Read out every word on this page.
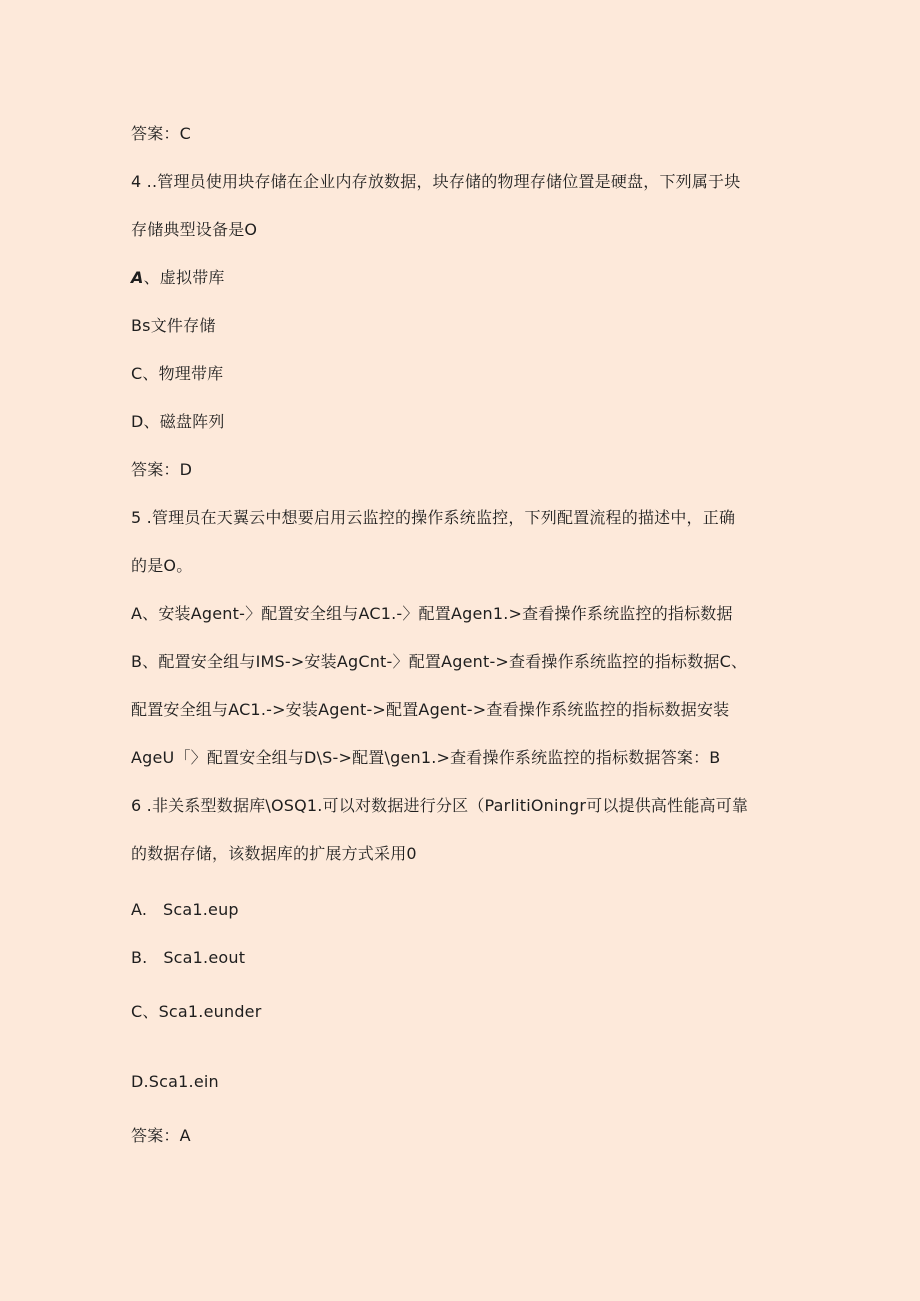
答案：C
4 ..管理员使用块存储在企业内存放数据，块存储的物理存储位置是硬盘，下列属于块
存储典型设备是O
A、虚拟带库
Bs文件存储
C、物理带库
D、磁盘阵列
答案：D
5 .管理员在天翼云中想要启用云监控的操作系统监控，下列配置流程的描述中，正确
的是O。
A、安装Agent-〉配置安全组与AC1.-〉配置Agen1.>查看操作系统监控的指标数据
B、配置安全组与IMS->安装AgCnt-〉配置Agent->查看操作系统监控的指标数据C、
配置安全组与AC1.->安装Agent->配置Agent->查看操作系统监控的指标数据安装
AgeU「〉配置安全组与D\S->配置\gen1.>查看操作系统监控的指标数据答案：B
6 .非关系型数据库\OSQ1.可以对数据进行分区（ParlitiOningr可以提供高性能高可靠
的数据存储，该数据库的扩展方式采用0
A.   Sca1.eup
B.   Sca1.eout
C、Sca1.eunder
D.Sca1.ein
答案：A
